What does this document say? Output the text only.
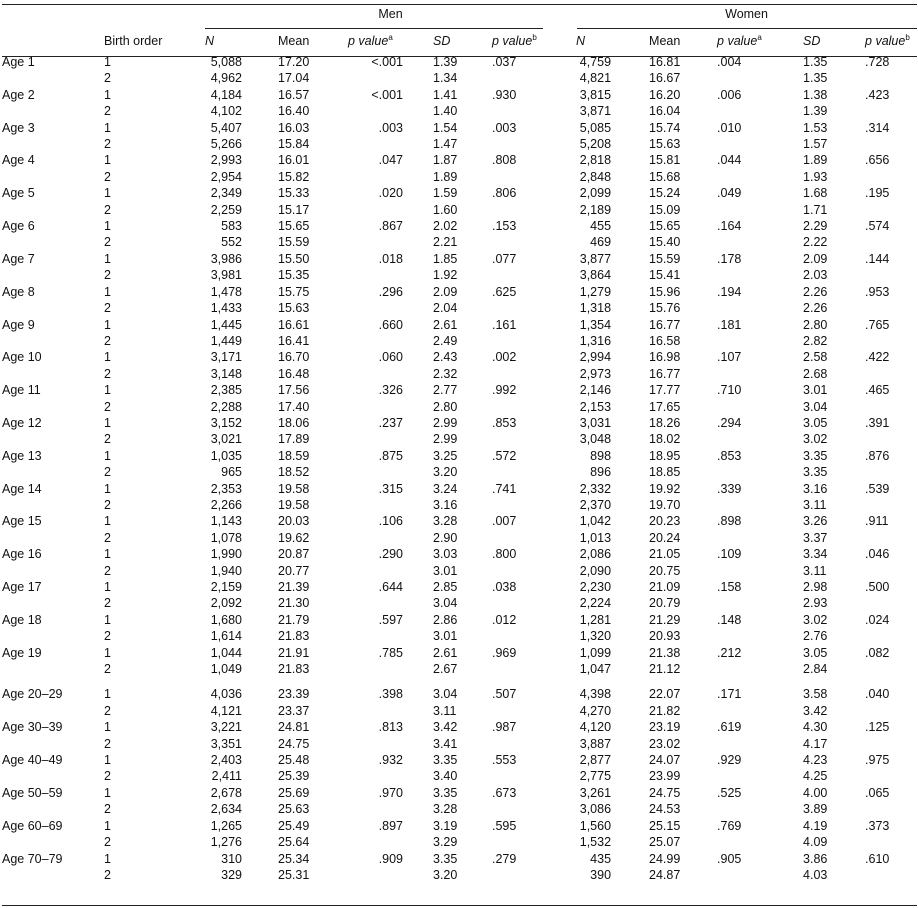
		Men					Women				
	Birth order	N	Mean	p value$^a$	SD	p value$^b$	N	Mean	p value$^a$	SD	p value$^b$
Age 1	1	5,088	17.20	<.001	1.39	.037	4,759	16.81	.004	1.35	.728
	2	4,962	17.04		1.34		4,821	16.67		1.35	
Age 2	1	4,184	16.57	<.001	1.41	.930	3,815	16.20	.006	1.38	.423
	2	4,102	16.40		1.40		3,871	16.04		1.39	
Age 3	1	5,407	16.03	.003	1.54	.003	5,085	15.74	.010	1.53	.314
	2	5,266	15.84		1.47		5,208	15.63		1.57	
Age 4	1	2,993	16.01	.047	1.87	.808	2,818	15.81	.044	1.89	.656
	2	2,954	15.82		1.89		2,848	15.68		1.93	
Age 5	1	2,349	15.33	.020	1.59	.806	2,099	15.24	.049	1.68	.195
	2	2,259	15.17		1.60		2,189	15.09		1.71	
Age 6	1	583	15.65	.867	2.02	.153	455	15.65	.164	2.29	.574
	2	552	15.59		2.21		469	15.40		2.22	
Age 7	1	3,986	15.50	.018	1.85	.077	3,877	15.59	.178	2.09	.144
	2	3,981	15.35		1.92		3,864	15.41		2.03	
Age 8	1	1,478	15.75	.296	2.09	.625	1,279	15.96	.194	2.26	.953
	2	1,433	15.63		2.04		1,318	15.76		2.26	
Age 9	1	1,445	16.61	.660	2.61	.161	1,354	16.77	.181	2.80	.765
	2	1,449	16.41		2.49		1,316	16.58		2.82	
Age 10	1	3,171	16.70	.060	2.43	.002	2,994	16.98	.107	2.58	.422
	2	3,148	16.48		2.32		2,973	16.77		2.68	
Age 11	1	2,385	17.56	.326	2.77	.992	2,146	17.77	.710	3.01	.465
	2	2,288	17.40		2.80		2,153	17.65		3.04	
Age 12	1	3,152	18.06	.237	2.99	.853	3,031	18.26	.294	3.05	.391
	2	3,021	17.89		2.99		3,048	18.02		3.02	
Age 13	1	1,035	18.59	.875	3.25	.572	898	18.95	.853	3.35	.876
	2	965	18.52		3.20		896	18.85		3.35	
Age 14	1	2,353	19.58	.315	3.24	.741	2,332	19.92	.339	3.16	.539
	2	2,266	19.58		3.16		2,370	19.70		3.11	
Age 15	1	1,143	20.03	.106	3.28	.007	1,042	20.23	.898	3.26	.911
	2	1,078	19.62		2.90		1,013	20.24		3.37	
Age 16	1	1,990	20.87	.290	3.03	.800	2,086	21.05	.109	3.34	.046
	2	1,940	20.77		3.01		2,090	20.75		3.11	
Age 17	1	2,159	21.39	.644	2.85	.038	2,230	21.09	.158	2.98	.500
	2	2,092	21.30		3.04		2,224	20.79		2.93	
Age 18	1	1,680	21.79	.597	2.86	.012	1,281	21.29	.148	3.02	.024
	2	1,614	21.83		3.01		1,320	20.93		2.76	
Age 19	1	1,044	21.91	.785	2.61	.969	1,099	21.38	.212	3.05	.082
	2	1,049	21.83		2.67		1,047	21.12		2.84	

Age 20–29	1	4,036	23.39	.398	3.04	.507	4,398	22.07	.171	3.58	.040
	2	4,121	23.37		3.11		4,270	21.82		3.42	
Age 30–39	1	3,221	24.81	.813	3.42	.987	4,120	23.19	.619	4.30	.125
	2	3,351	24.75		3.41		3,887	23.02		4.17	
Age 40–49	1	2,403	25.48	.932	3.35	.553	2,877	24.07	.929	4.23	.975
	2	2,411	25.39		3.40		2,775	23.99		4.25	
Age 50–59	1	2,678	25.69	.970	3.35	.673	3,261	24.75	.525	4.00	.065
	2	2,634	25.63		3.28		3,086	24.53		3.89	
Age 60–69	1	1,265	25.49	.897	3.19	.595	1,560	25.15	.769	4.19	.373
	2	1,276	25.64		3.29		1,532	25.07		4.09	
Age 70–79	1	310	25.34	.909	3.35	.279	435	24.99	.905	3.86	.610
	2	329	25.31		3.20		390	24.87		4.03	
